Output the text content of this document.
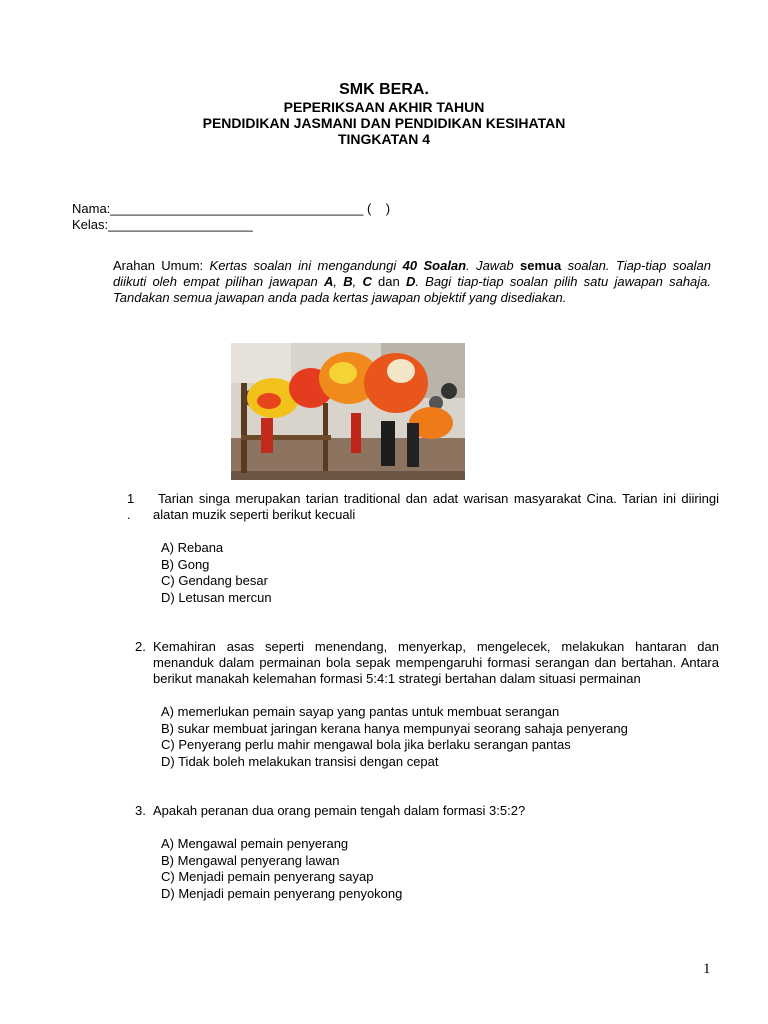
SMK BERA.
PEPERIKSAAN AKHIR TAHUN
PENDIDIKAN JASMANI DAN PENDIDIKAN KESIHATAN
TINGKATAN 4
Nama:___________________________________ (    )
Kelas:____________________
Arahan Umum: Kertas soalan ini mengandungi 40 Soalan. Jawab semua soalan. Tiap-tiap soalan diikuti oleh empat pilihan jawapan A, B, C dan D. Bagi tiap-tiap soalan pilih satu jawapan sahaja. Tandakan semua jawapan anda pada kertas jawapan objektif yang disediakan.
1 .
Tarian singa merupakan tarian traditional dan adat warisan masyarakat Cina. Tarian ini diiringi alatan muzik seperti berikut kecuali
A) Rebana
B) Gong
C) Gendang besar
D) Letusan mercun
2. Kemahiran asas seperti menendang, menyerkap, mengelecek, melakukan hantaran dan menanduk dalam permainan bola sepak mempengaruhi formasi serangan dan bertahan. Antara berikut manakah kelemahan formasi 5:4:1 strategi bertahan dalam situasi permainan
A) memerlukan pemain sayap yang pantas untuk membuat serangan
B) sukar membuat jaringan kerana hanya mempunyai seorang sahaja penyerang
C) Penyerang perlu mahir mengawal bola jika berlaku serangan pantas
D) Tidak boleh melakukan transisi dengan cepat
3. Apakah peranan dua orang pemain tengah dalam formasi 3:5:2?
A) Mengawal pemain penyerang
B) Mengawal penyerang lawan
C) Menjadi pemain penyerang sayap
D) Menjadi pemain penyerang penyokong
1
